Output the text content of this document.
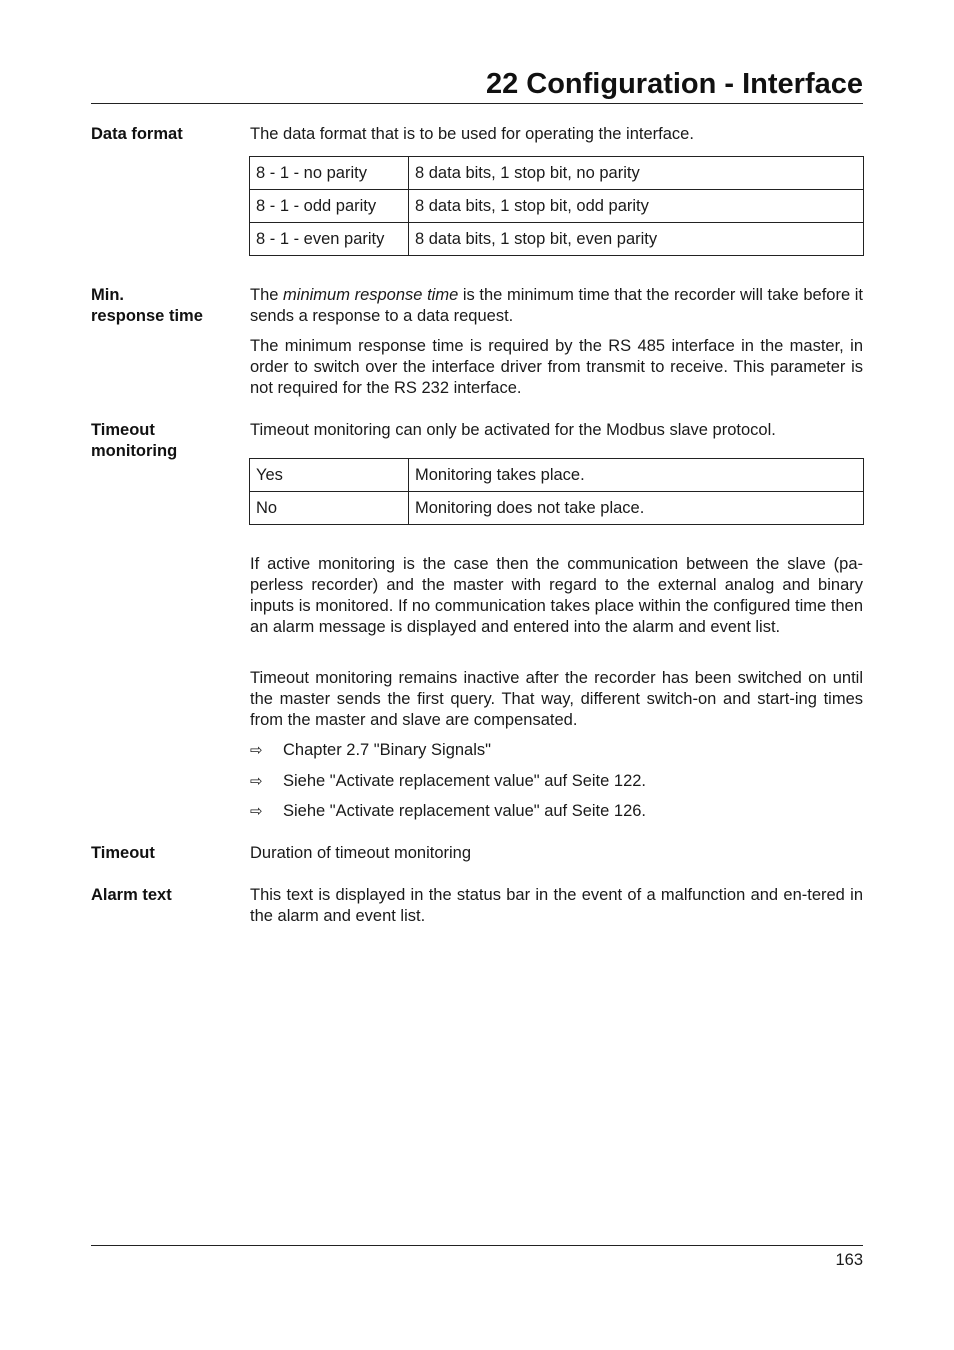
22 Configuration - Interface
Data format	The data format that is to be used for operating the interface.

8 - 1 - no parity	8 data bits, 1 stop bit, no parity
8 - 1 - odd parity	8 data bits, 1 stop bit, odd parity
8 - 1 - even parity	8 data bits, 1 stop bit, even parity
Min.
response time

The minimum response time is the minimum time that the recorder will take before it sends a response to a data request.

The minimum response time is required by the RS 485 interface in the master, in order to switch over the interface driver from transmit to receive. This parameter is not required for the RS 232 interface.

Timeout
monitoring

Timeout monitoring can only be activated for the Modbus slave protocol.

Yes	Monitoring takes place.
No	Monitoring does not take place.

If active monitoring is the case then the communication between the slave (pa-perless recorder) and the master with regard to the external analog and binary inputs is monitored. If no communication takes place within the configured time then an alarm message is displayed and entered into the alarm and event list.

Timeout monitoring remains inactive after the recorder has been switched on until the master sends the first query. That way, different switch-on and start-ing times from the master and slave are compensated.

⇨ Chapter 2.7 "Binary Signals"
⇨ Siehe "Activate replacement value" auf Seite 122.
⇨ Siehe "Activate replacement value" auf Seite 126.
Timeout	Duration of timeout monitoring

Alarm text	This text is displayed in the status bar in the event of a malfunction and en-tered in the alarm and event list.

163
